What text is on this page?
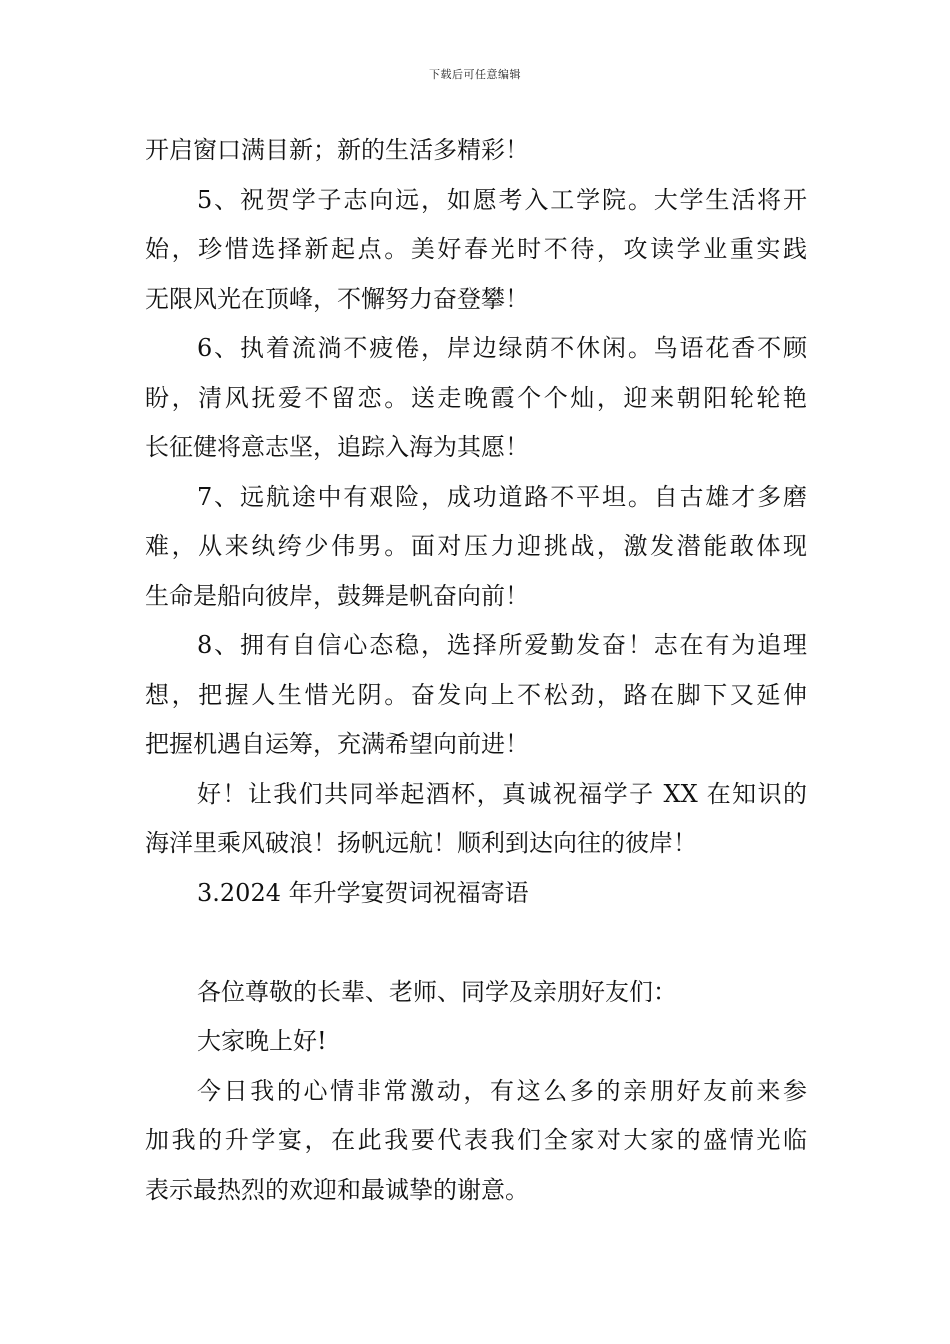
下载后可任意编辑
开启窗口满目新；新的生活多精彩！
5、祝贺学子志向远，如愿考入工学院。大学生活将开
始，珍惜选择新起点。美好春光时不待，攻读学业重实践
无限风光在顶峰，不懈努力奋登攀！
6、执着流淌不疲倦，岸边绿荫不休闲。鸟语花香不顾
盼，清风抚爱不留恋。送走晚霞个个灿，迎来朝阳轮轮艳
长征健将意志坚，追踪入海为其愿！
7、远航途中有艰险，成功道路不平坦。自古雄才多磨
难，从来纨绔少伟男。面对压力迎挑战，激发潜能敢体现
生命是船向彼岸，鼓舞是帆奋向前！
8、拥有自信心态稳，选择所爱勤发奋！志在有为追理
想，把握人生惜光阴。奋发向上不松劲，路在脚下又延伸
把握机遇自运筹，充满希望向前进！
好！让我们共同举起酒杯，真诚祝福学子 XX 在知识的
海洋里乘风破浪！扬帆远航！顺利到达向往的彼岸！
3.2024 年升学宴贺词祝福寄语
各位尊敬的长辈、老师、同学及亲朋好友们：
大家晚上好!
今日我的心情非常激动，有这么多的亲朋好友前来参
加我的升学宴，在此我要代表我们全家对大家的盛情光临
表示最热烈的欢迎和最诚挚的谢意。
